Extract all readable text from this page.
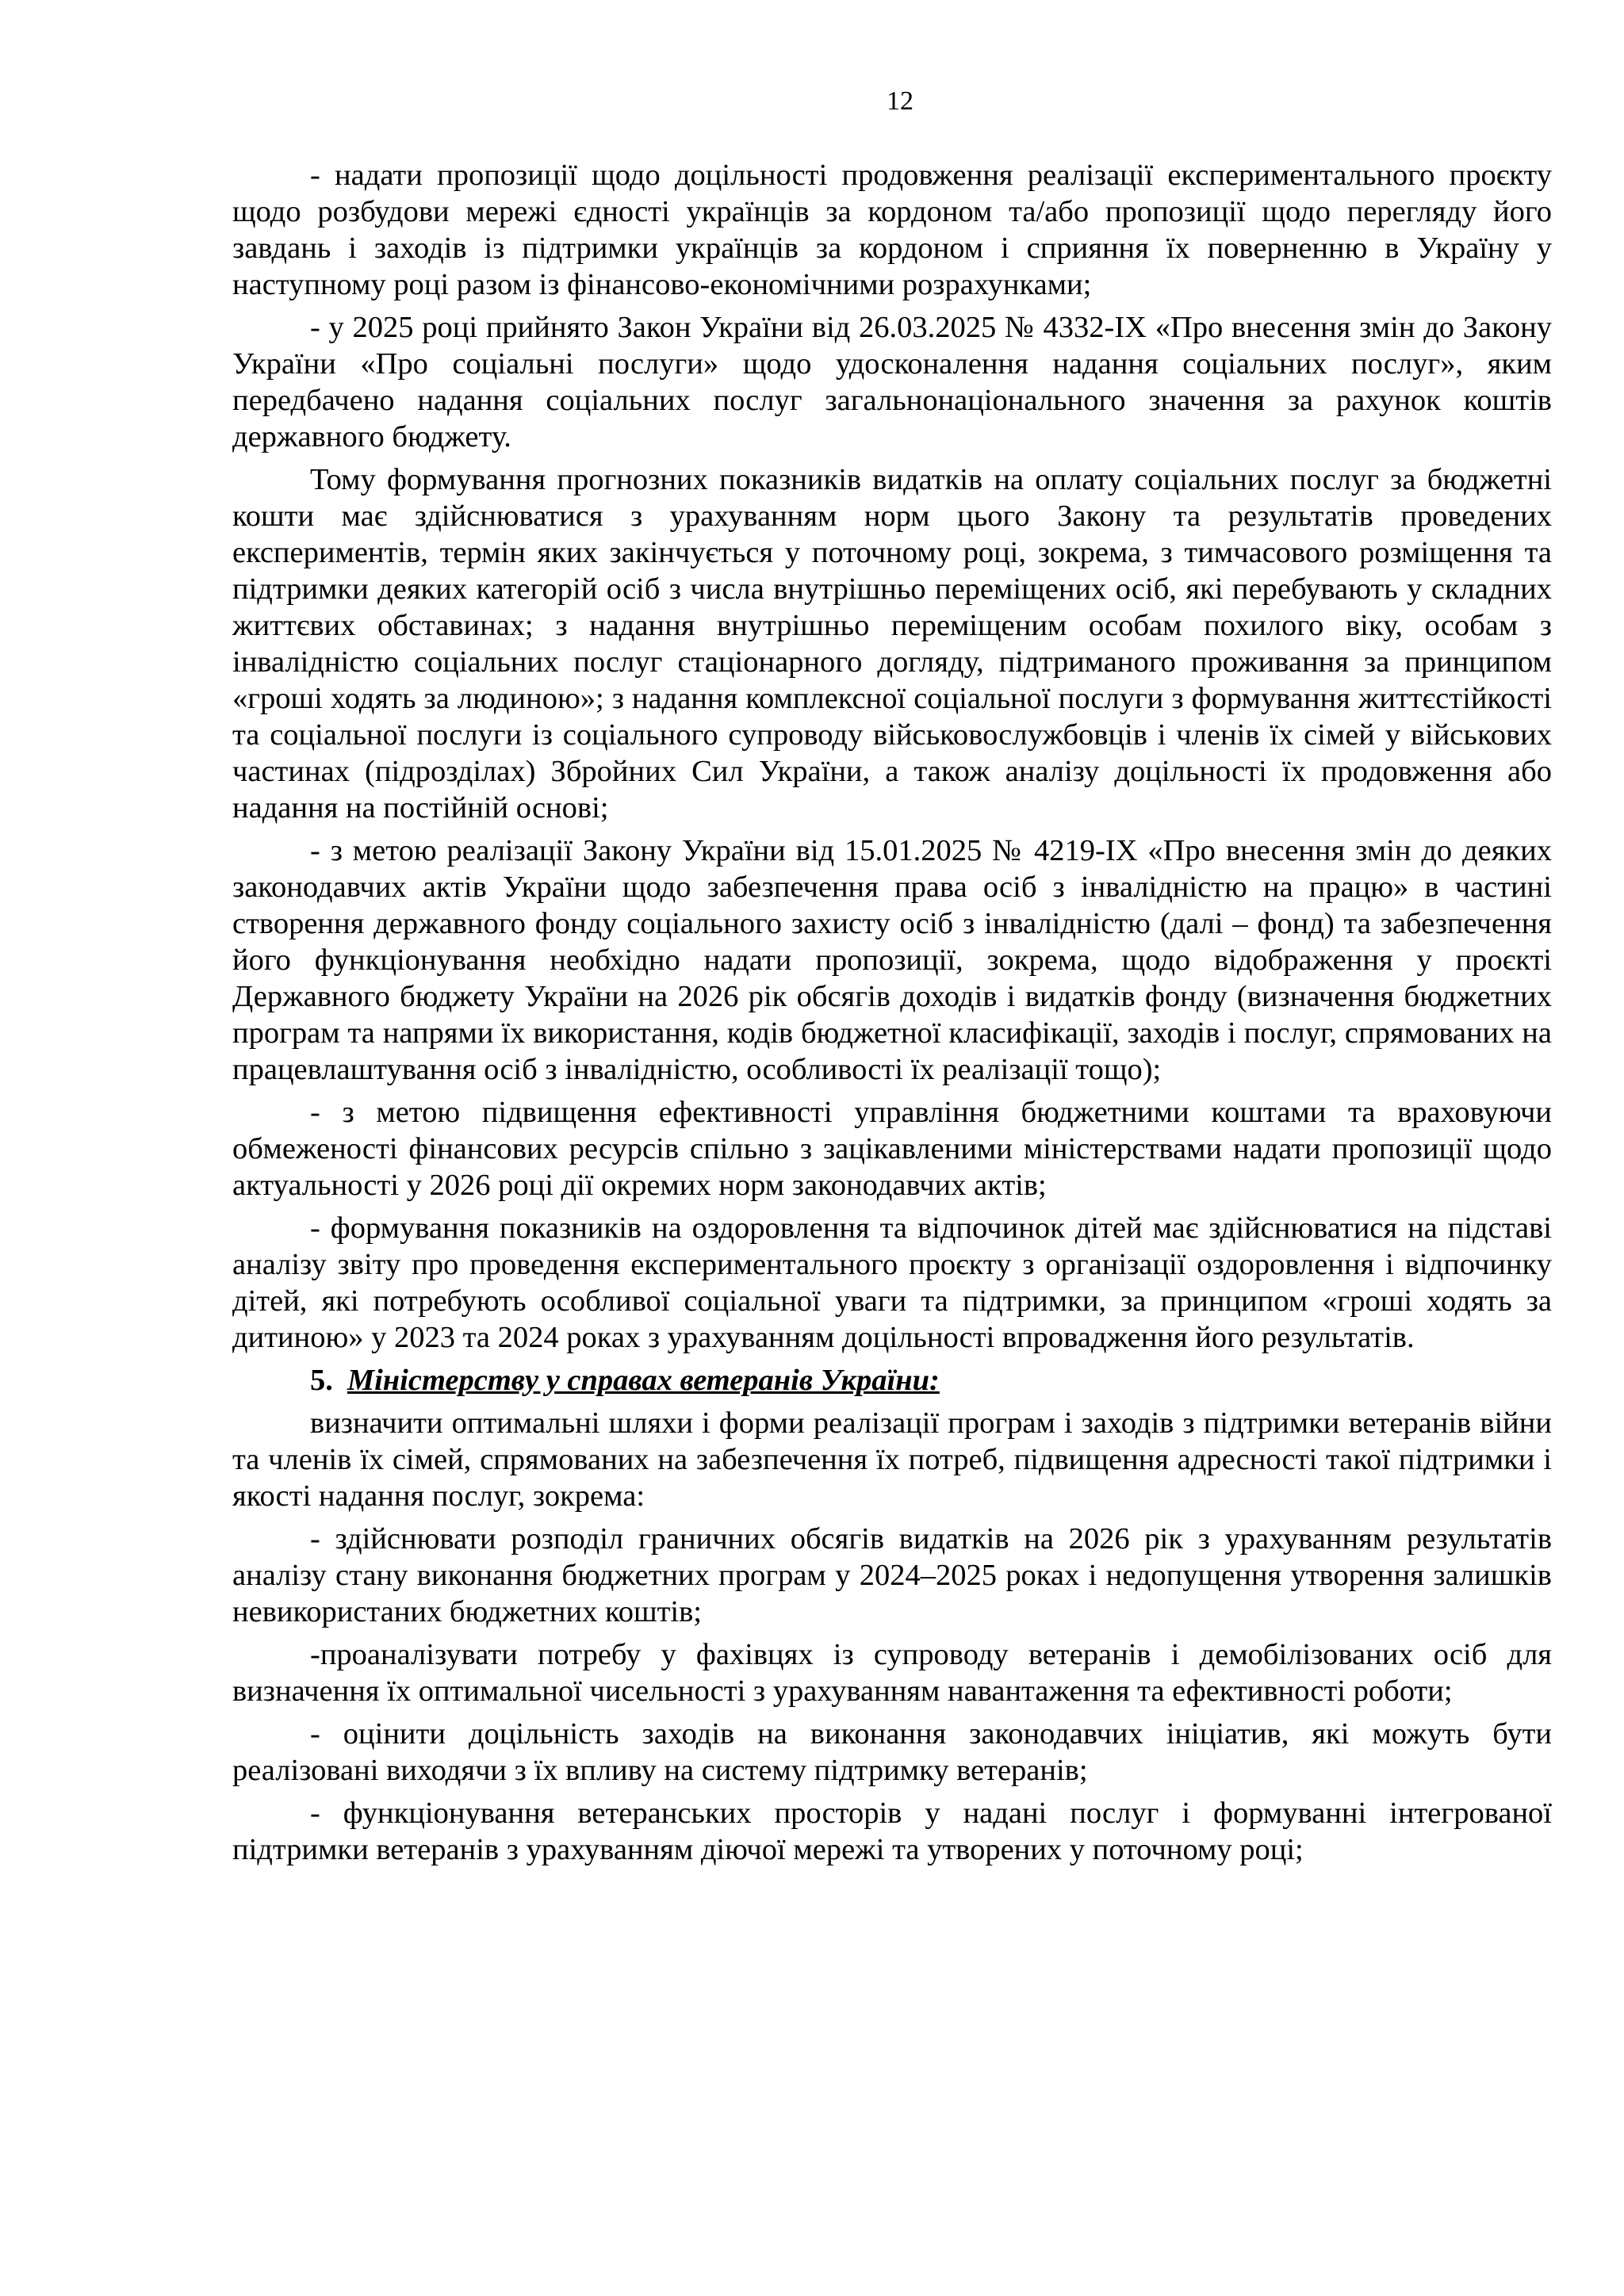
12

- надати пропозиції щодо доцільності продовження реалізації експериментального проєкту щодо розбудови мережі єдності українців за кордоном та/або пропозиції щодо перегляду його завдань і заходів із підтримки українців за кордоном і сприяння їх поверненню в Україну у наступному році разом із фінансово-економічними розрахунками;

- у 2025 році прийнято Закон України від 26.03.2025 № 4332-IX «Про внесення змін до Закону України «Про соціальні послуги» щодо удосконалення надання соціальних послуг», яким передбачено надання соціальних послуг загальнонаціонального значення за рахунок коштів державного бюджету.

Тому формування прогнозних показників видатків на оплату соціальних послуг за бюджетні кошти має здійснюватися з урахуванням норм цього Закону та результатів проведених експериментів, термін яких закінчується у поточному році, зокрема, з тимчасового розміщення та підтримки деяких категорій осіб з числа внутрішньо переміщених осіб, які перебувають у складних життєвих обставинах; з надання внутрішньо переміщеним особам похилого віку, особам з інвалідністю соціальних послуг стаціонарного догляду, підтриманого проживання за принципом «гроші ходять за людиною»; з надання комплексної соціальної послуги з формування життєстійкості та соціальної послуги із соціального супроводу військовослужбовців і членів їх сімей у військових частинах (підрозділах) Збройних Сил України, а також аналізу доцільності їх продовження або надання на постійній основі;

- з метою реалізації Закону України від 15.01.2025 № 4219-IX «Про внесення змін до деяких законодавчих актів України щодо забезпечення права осіб з інвалідністю на працю» в частині створення державного фонду соціального захисту осіб з інвалідністю (далі – фонд) та забезпечення його функціонування необхідно надати пропозиції, зокрема, щодо відображення у проєкті Державного бюджету України на 2026 рік обсягів доходів і видатків фонду (визначення бюджетних програм та напрями їх використання, кодів бюджетної класифікації, заходів і послуг, спрямованих на працевлаштування осіб з інвалідністю, особливості їх реалізації тощо);

- з метою підвищення ефективності управління бюджетними коштами та враховуючи обмеженості фінансових ресурсів спільно з зацікавленими міністерствами надати пропозиції щодо актуальності у 2026 році дії окремих норм законодавчих актів;

- формування показників на оздоровлення та відпочинок дітей має здійснюватися на підставі аналізу звіту про проведення експериментального проєкту з організації оздоровлення і відпочинку дітей, які потребують особливої соціальної уваги та підтримки, за принципом «гроші ходять за дитиною» у 2023 та 2024 роках з урахуванням доцільності впровадження його результатів.

5. Міністерству у справах ветеранів України:

визначити оптимальні шляхи і форми реалізації програм і заходів з підтримки ветеранів війни та членів їх сімей, спрямованих на забезпечення їх потреб, підвищення адресності такої підтримки і якості надання послуг, зокрема:

- здійснювати розподіл граничних обсягів видатків на 2026 рік з урахуванням результатів аналізу стану виконання бюджетних програм у 2024–2025 роках і недопущення утворення залишків невикористаних бюджетних коштів;

-проаналізувати потребу у фахівцях із супроводу ветеранів і демобілізованих осіб для визначення їх оптимальної чисельності з урахуванням навантаження та ефективності роботи;

- оцінити доцільність заходів на виконання законодавчих ініціатив, які можуть бути реалізовані виходячи з їх впливу на систему підтримку ветеранів;

- функціонування ветеранських просторів у надані послуг і формуванні інтегрованої підтримки ветеранів з урахуванням діючої мережі та утворених у поточному році;
